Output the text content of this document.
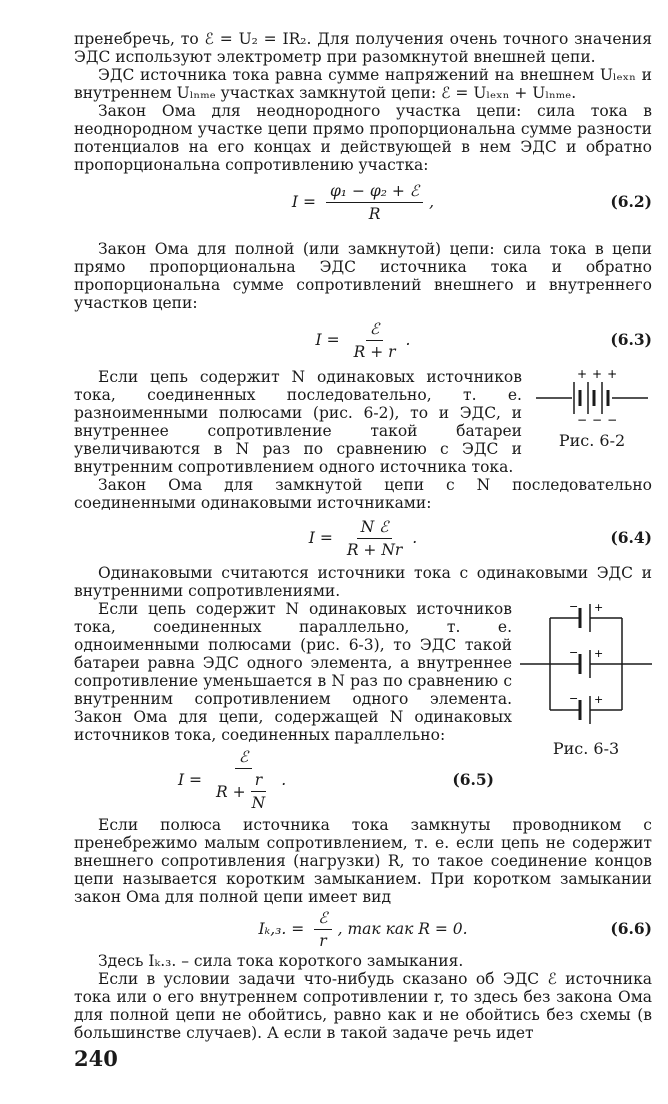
пренебречь, то ℰ = U₂ = IR₂. Для получения очень точного значения ЭДС используют электрометр при разомкнутой внешней цепи.

ЭДС источника тока равна сумме напряжений на внешнем Uₗₑₓₙ и внутреннем Uₗₙₘₑ участках замкнутой цепи: ℰ = Uₗₑₓₙ + Uₗₙₘₑ.

Закон Ома для неоднородного участка цепи: сила тока в неоднородном участке цепи прямо пропорциональна сумме разности потенциалов на его концах и действующей в нем ЭДС и обратно пропорциональна сопротивлению участка:

$I = \frac{\text{φ₁ − φ₂ + ℰ}}{R}$ ,	(6.2)

Закон Ома для полной (или замкнутой) цепи: сила тока в цепи прямо пропорциональна ЭДС источника тока и обратно пропорциональна сумме сопротивлений внешнего и внутреннего участков цепи:

$I = \frac{\text{ℰ}}{R + r}$ .	(6.3)
+++
−−−
Рис. 6-2

Если цепь содержит N одинаковых источников тока, соединенных последовательно, т. е. разноименными полюсами (рис. 6-2), то и ЭДС, и внутреннее сопротивление такой батареи увеличиваются в N раз по сравнению с ЭДС и внутренним сопротивлением одного источника тока.

Закон Ома для замкнутой цепи с N последовательно соединенными одинаковыми источниками:

$I = \frac{\text{N ℰ}}{R + Nr}$ .	(6.4)

Одинаковыми считаются источники тока с одинаковыми ЭДС и внутренними сопротивлениями.

− +
− +
− +
Рис. 6-3

Если цепь содержит N одинаковых источников тока, соединенных параллельно, т. е. одноименными полюсами (рис. 6-3), то ЭДС такой батареи равна ЭДС одного элемента, а внутреннее сопротивление уменьшается в N раз по сравнению с внутренним сопротивлением одного элемента. Закон Ома для цепи, содержащей N одинаковых источников тока, соединенных параллельно:

$I = \frac{\text{ℰ}}{R + \frac{r}{N}}$ .	(6.5)

Если полюса источника тока замкнуты проводником с пренебрежимо малым сопротивлением, т. е. если цепь не содержит внешнего сопротивления (нагрузки) R, то такое соединение концов цепи называется коротким замыканием. При коротком замыкании закон Ома для полной цепи имеет вид

Iₖ,₃. = $\frac{\text{ℰ}}{r}$ , так как R = 0.	(6.6)

Здесь Iₖ.₃. – сила тока короткого замыкания.

Если в условии задачи что-нибудь сказано об ЭДС ℰ источника тока или о его внутреннем сопротивлении r, то здесь без закона Ома для полной цепи не обойтись, равно как и не обойтись без схемы (в большинстве случаев). А если в такой задаче речь идет

240
